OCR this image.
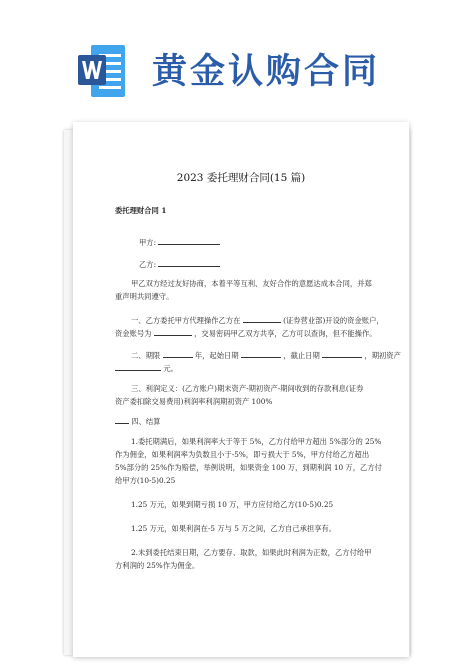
黄金认购合同
2023 委托理财合同(15 篇)
委托理财合同 1
甲方:
乙方:
甲乙双方经过友好协商，本着平等互利、友好合作的意愿达成本合同，并郑
重声明共同遵守。
一、乙方委托甲方代理操作乙方在	(证券营业部)开设的资金账户，
资金账号为	，交易密码甲乙双方共享，乙方可以查询，但不能操作。
二、期限	年，起始日期	，截止日期	，期初资产
元。
三、利润定义：(乙方账户)期末资产-期初资产-期间收到的存款利息(证券
资产委扣除交易费用)利润率利润期初资产 100%
四、结算
1.委托期满后，如果利润率大于等于 5%，乙方付给甲方超出 5%部分的 25%
作为佣金，如果利润率为负数且小于-5%，即亏损大于 5%，甲方付给乙方超出
5%部分的 25%作为赔偿，举例说明，如果资金 100 万，到期利润 10 万，乙方付
给甲方(10-5)0.25
1.25 万元，如果到期亏损 10 万，甲方应付给乙方(10-5)0.25
1.25 万元，如果利润在-5 万与 5 万之间，乙方自己承担享有。
2.未到委托结束日期，乙方要存、取款，如果此时利润为正数，乙方付给甲
方利润的 25%作为佣金。
